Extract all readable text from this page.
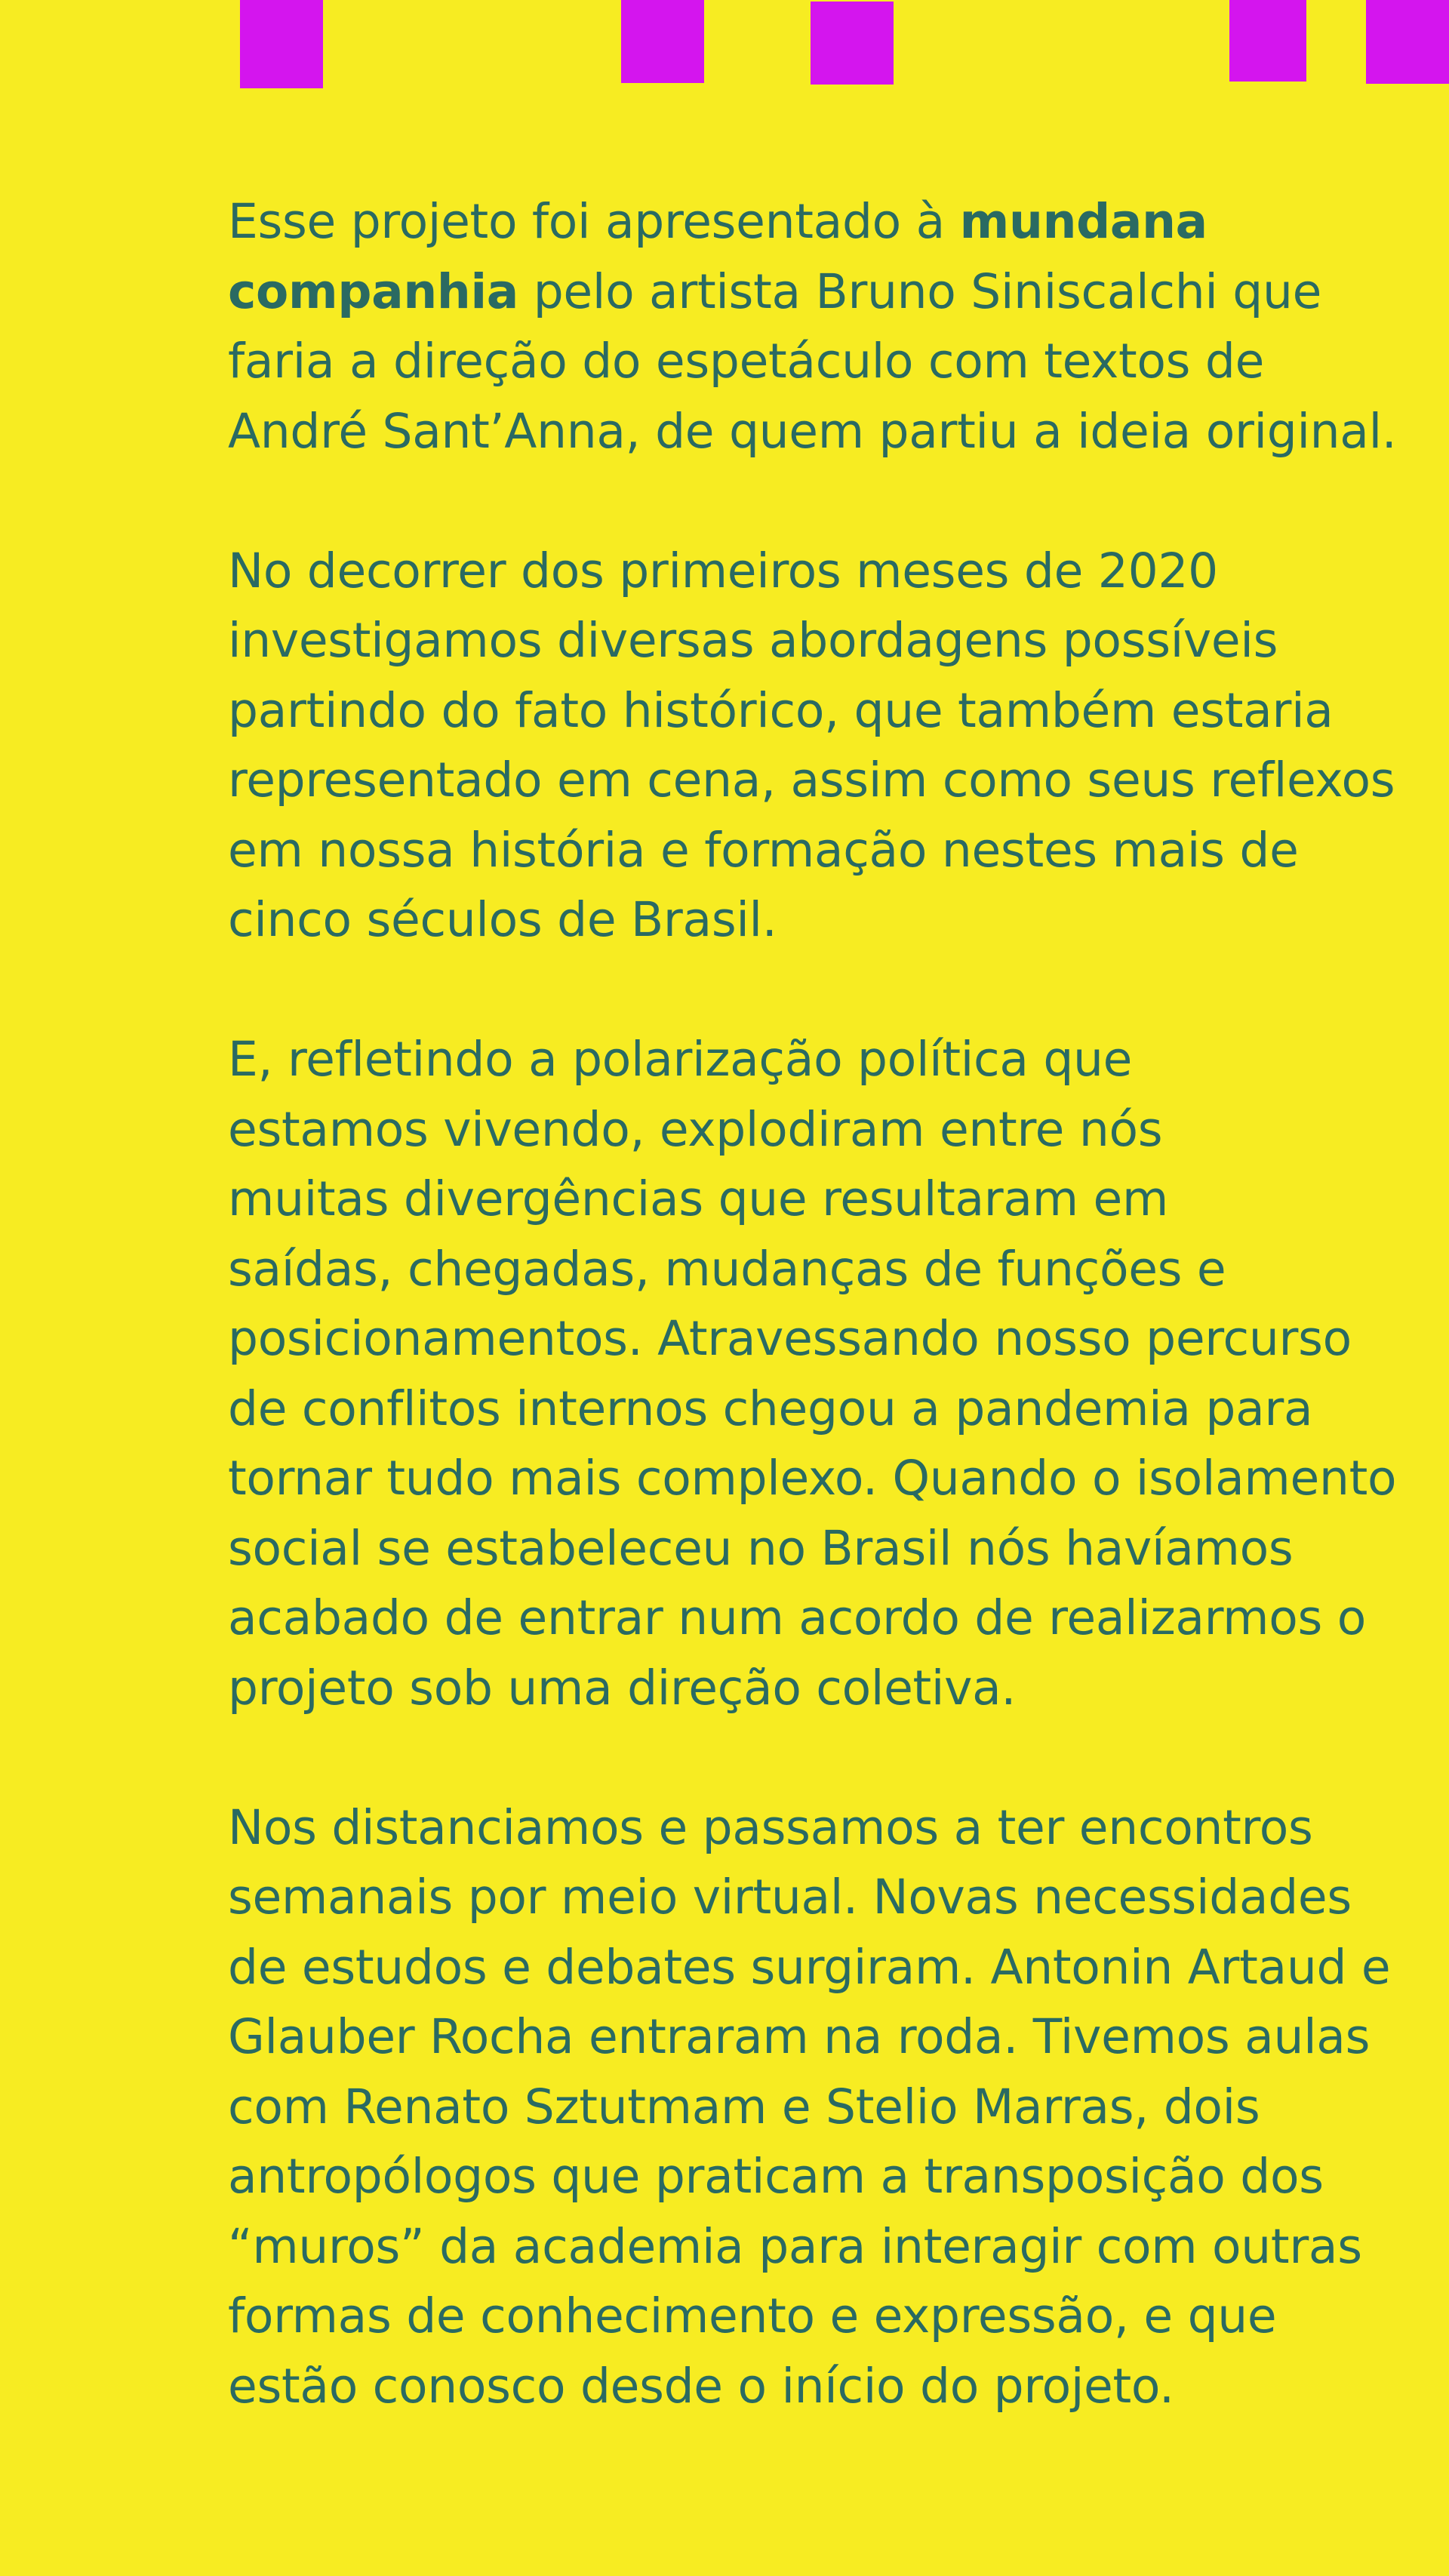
Esse projeto foi apresentado à mundana
companhia pelo artista Bruno Siniscalchi que
faria a direção do espetáculo com textos de
André Sant’Anna, de quem partiu a ideia original.

No decorrer dos primeiros meses de 2020
investigamos diversas abordagens possíveis
partindo do fato histórico, que também estaria
representado em cena, assim como seus reflexos
em nossa história e formação nestes mais de
cinco séculos de Brasil.

E, refletindo a polarização política que
estamos vivendo, explodiram entre nós
muitas divergências que resultaram em
saídas, chegadas, mudanças de funções e
posicionamentos. Atravessando nosso percurso
de conflitos internos chegou a pandemia para
tornar tudo mais complexo. Quando o isolamento
social se estabeleceu no Brasil nós havíamos
acabado de entrar num acordo de realizarmos o
projeto sob uma direção coletiva.

Nos distanciamos e passamos a ter encontros
semanais por meio virtual. Novas necessidades
de estudos e debates surgiram. Antonin Artaud e
Glauber Rocha entraram na roda. Tivemos aulas
com Renato Sztutmam e Stelio Marras, dois
antropólogos que praticam a transposição dos
“muros” da academia para interagir com outras
formas de conhecimento e expressão, e que
estão conosco desde o início do projeto.
